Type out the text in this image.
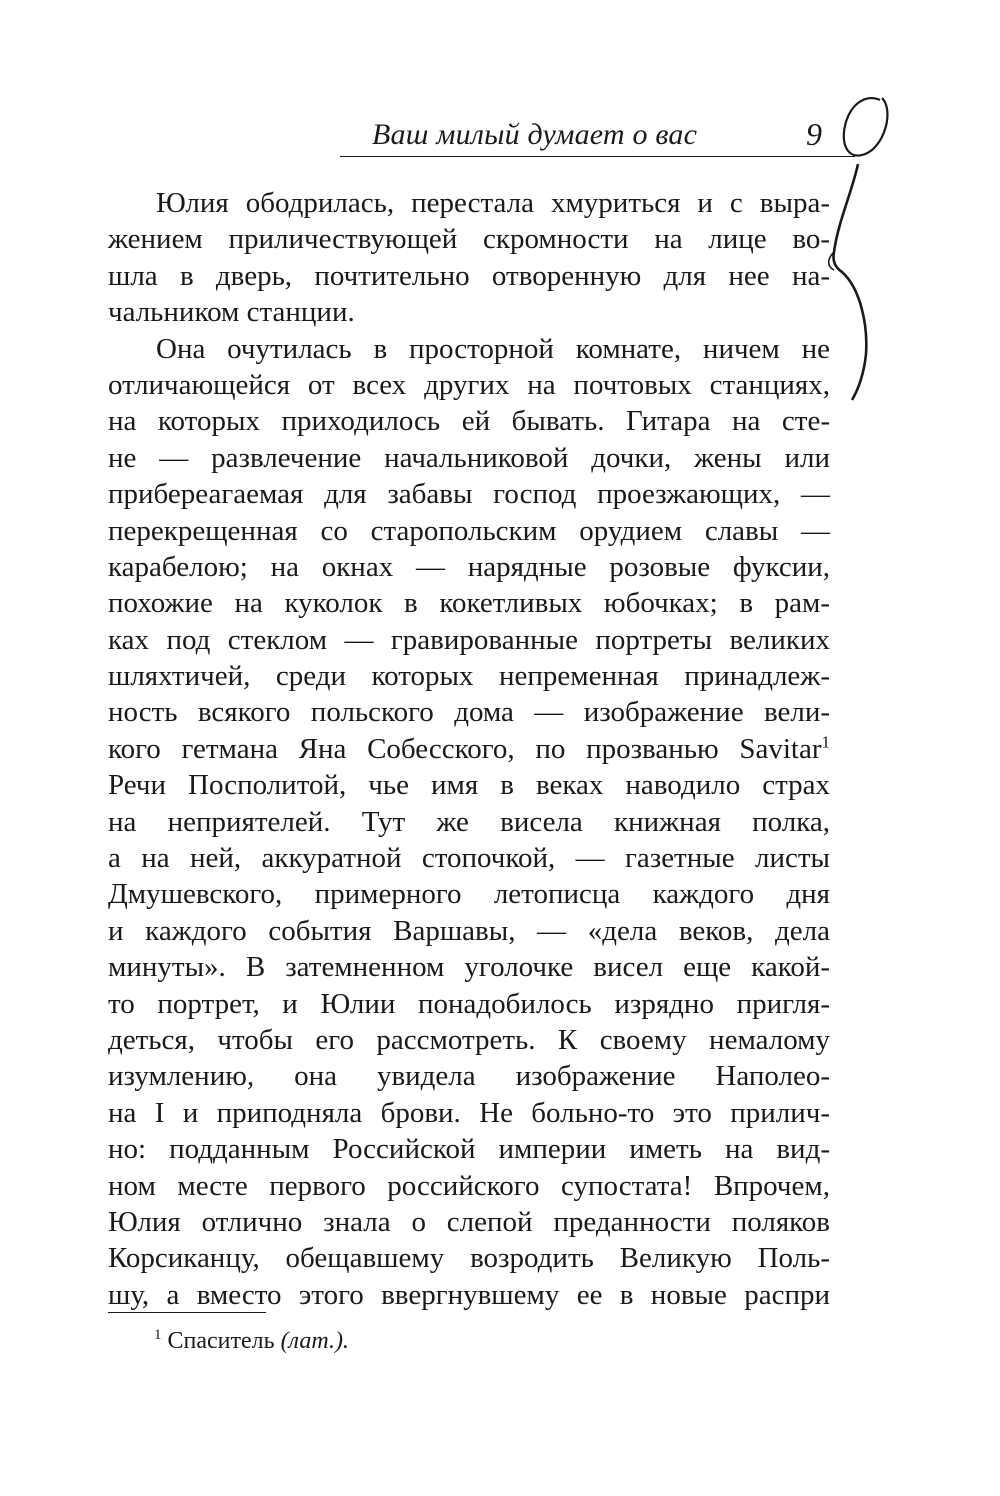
Ваш милый думает о вас	9
Юлия ободрилась, перестала хмуриться и с выра-
жением приличествующей скромности на лице во-
шла в дверь, почтительно отворенную для нее на-
чальником станции.
Она очутилась в просторной комнате, ничем не
отличающейся от всех других на почтовых станциях,
на которых приходилось ей бывать. Гитара на сте-
не — развлечение начальниковой дочки, жены или
прибереагаемая для забавы господ проезжающих, —
перекрещенная со старопольским орудием славы —
карабелою; на окнах — нарядные розовые фуксии,
похожие на куколок в кокетливых юбочках; в рам-
ках под стеклом — гравированные портреты великих
шляхтичей, среди которых непременная принадлеж-
ность всякого польского дома — изображение вели-
кого гетмана Яна Собесского, по прозванью Savitar$^1$
Речи Посполитой, чье имя в веках наводило страх
на неприятелей. Тут же висела книжная полка,
а на ней, аккуратной стопочкой, — газетные листы
Дмушевского, примерного летописца каждого дня
и каждого события Варшавы, — «дела веков, дела
минуты». В затемненном уголочке висел еще какой-
то портрет, и Юлии понадобилось изрядно пригля-
деться, чтобы его рассмотреть. К своему немалому
изумлению, она увидела изображение Наполео-
на I и приподняла брови. Не больно-то это прилич-
но: подданным Российской империи иметь на вид-
ном месте первого российского супостата! Впрочем,
Юлия отлично знала о слепой преданности поляков
Корсиканцу, обещавшему возродить Великую Поль-
шу, а вместо этого ввергнувшему ее в новые распри
$^1$ Спаситель (лат.).
